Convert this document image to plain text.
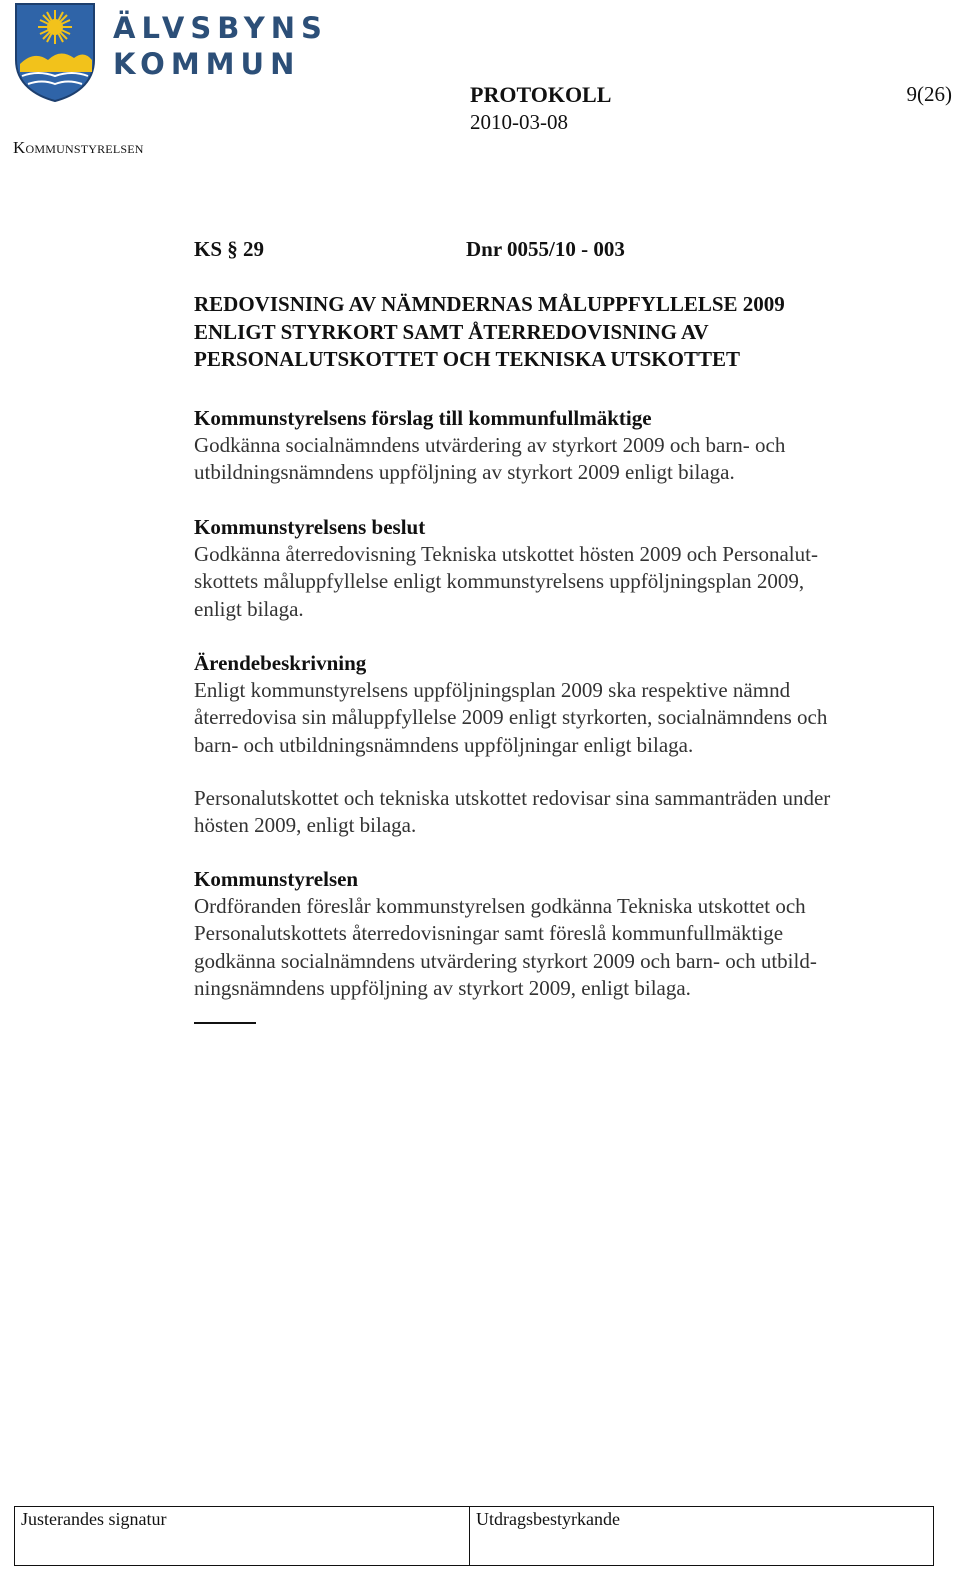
ÄLVSBYNS
KOMMUN
Kommunstyrelsen
PROTOKOLL
2010-03-08
9(26)
KS § 29	Dnr 0055/10 - 003
REDOVISNING AV NÄMNDERNAS MÅLUPPFYLLELSE 2009
ENLIGT STYRKORT SAMT ÅTERREDOVISNING AV
PERSONALUTSKOTTET OCH TEKNISKA UTSKOTTET
Kommunstyrelsens förslag till kommunfullmäktige
Godkänna socialnämndens utvärdering av styrkort 2009 och barn- och
utbildningsnämndens uppföljning av styrkort 2009 enligt bilaga.
Kommunstyrelsens beslut
Godkänna återredovisning Tekniska utskottet hösten 2009 och Personalut-
skottets måluppfyllelse enligt kommunstyrelsens uppföljningsplan 2009,
enligt bilaga.
Ärendebeskrivning
Enligt kommunstyrelsens uppföljningsplan 2009 ska respektive nämnd
återredovisa sin måluppfyllelse 2009 enligt styrkorten, socialnämndens och
barn- och utbildningsnämndens uppföljningar enligt bilaga.
Personalutskottet och tekniska utskottet redovisar sina sammanträden under
hösten 2009, enligt bilaga.
Kommunstyrelsen
Ordföranden föreslår kommunstyrelsen godkänna Tekniska utskottet och
Personalutskottets återredovisningar samt föreslå kommunfullmäktige
godkänna socialnämndens utvärdering styrkort 2009 och barn- och utbild-
ningsnämndens uppföljning av styrkort 2009, enligt bilaga.
Justerandes signatur	Utdragsbestyrkande
